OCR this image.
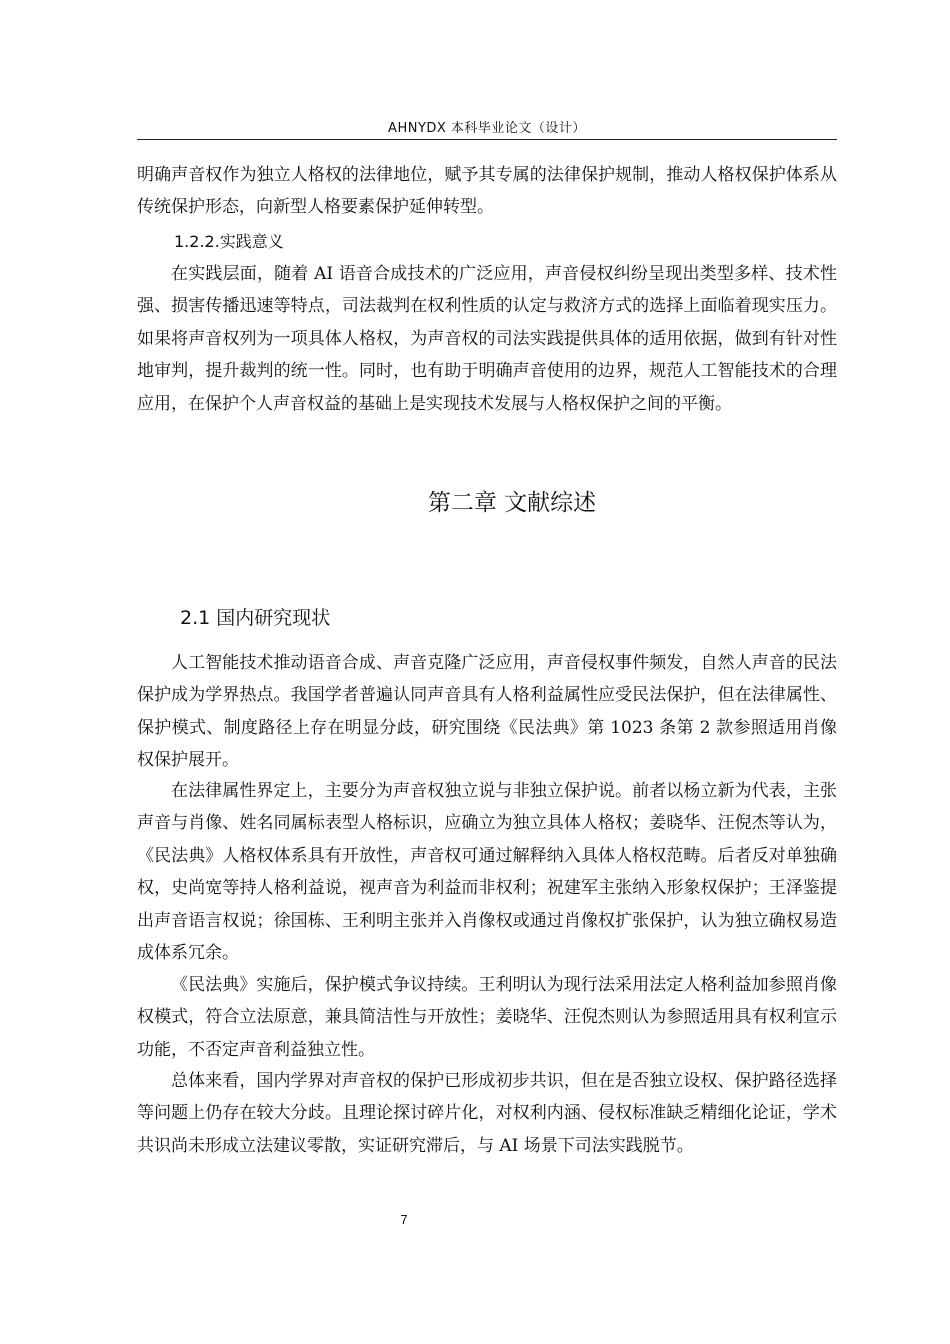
AHNYDX 本科毕业论文（设计）

明确声音权作为独立人格权的法律地位，赋予其专属的法律保护规制，推动人格权保护体系从传统保护形态，向新型人格要素保护延伸转型。

1.2.2.实践意义

在实践层面，随着 AI 语音合成技术的广泛应用，声音侵权纠纷呈现出类型多样、技术性强、损害传播迅速等特点，司法裁判在权利性质的认定与救济方式的选择上面临着现实压力。如果将声音权列为一项具体人格权，为声音权的司法实践提供具体的适用依据，做到有针对性地审判，提升裁判的统一性。同时，也有助于明确声音使用的边界，规范人工智能技术的合理应用，在保护个人声音权益的基础上是实现技术发展与人格权保护之间的平衡。

第二章 文献综述
2.1 国内研究现状

人工智能技术推动语音合成、声音克隆广泛应用，声音侵权事件频发，自然人声音的民法保护成为学界热点。我国学者普遍认同声音具有人格利益属性应受民法保护，但在法律属性、保护模式、制度路径上存在明显分歧，研究围绕《民法典》第 1023 条第 2 款参照适用肖像权保护展开。

在法律属性界定上，主要分为声音权独立说与非独立保护说。前者以杨立新为代表，主张声音与肖像、姓名同属标表型人格标识，应确立为独立具体人格权；姜晓华、汪倪杰等认为，《民法典》人格权体系具有开放性，声音权可通过解释纳入具体人格权范畴。后者反对单独确权，史尚宽等持人格利益说，视声音为利益而非权利；祝建军主张纳入形象权保护；王泽鉴提出声音语言权说；徐国栋、王利明主张并入肖像权或通过肖像权扩张保护，认为独立确权易造成体系冗余。

《民法典》实施后，保护模式争议持续。王利明认为现行法采用法定人格利益加参照肖像权模式，符合立法原意，兼具简洁性与开放性；姜晓华、汪倪杰则认为参照适用具有权利宣示功能，不否定声音利益独立性。

总体来看，国内学界对声音权的保护已形成初步共识，但在是否独立设权、保护路径选择等问题上仍存在较大分歧。且理论探讨碎片化，对权利内涵、侵权标准缺乏精细化论证，学术共识尚未形成立法建议零散，实证研究滞后，与 AI 场景下司法实践脱节。

7
